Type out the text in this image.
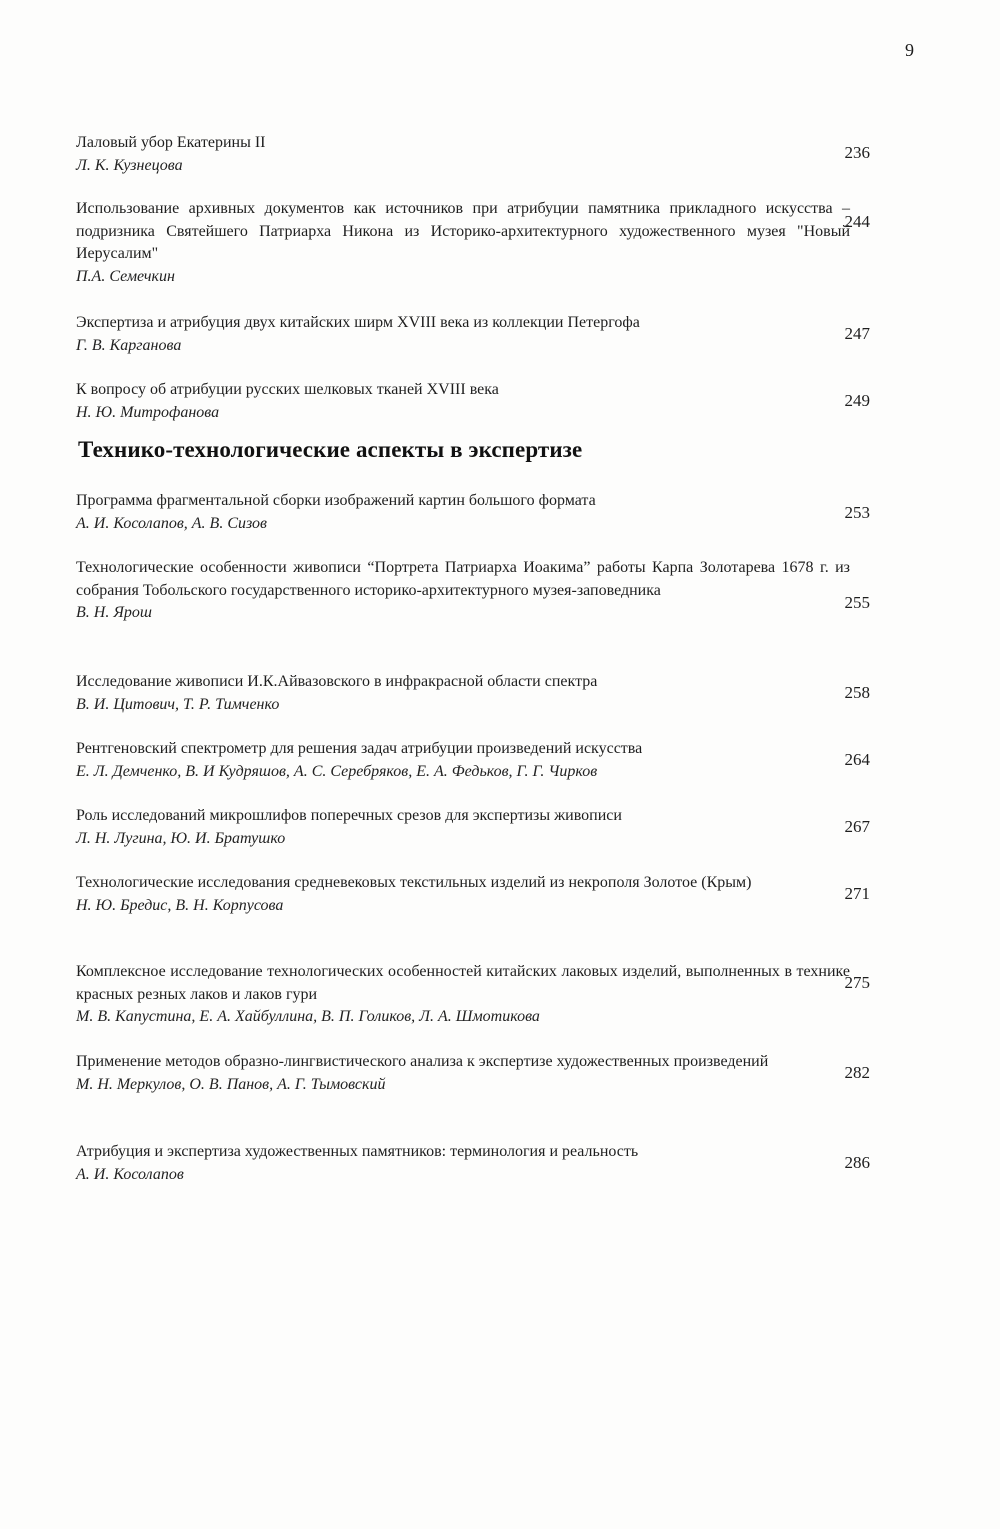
9
Лаловый убор Екатерины II
Л. К. Кузнецова
236
Использование архивных документов как источников при атрибуции памятника прикладного искусства – подризника Святейшего Патриарха Никона из Историко-архитектурного художественного музея "Новый Иерусалим"
П.А. Семечкин
244
Экспертиза и атрибуция двух китайских ширм XVIII века из коллекции Петергофа
Г. В. Карганова
247
К вопросу об атрибуции русских шелковых тканей XVIII века
Н. Ю. Митрофанова
249
Технико-технологические аспекты в экспертизе
Программа фрагментальной сборки изображений картин большого формата
А. И. Косолапов, А. В. Сизов
253
Технологические особенности живописи “Портрета Патриарха Иоакима” работы Карпа Золотарева 1678 г. из собрания Тобольского государственного историко-архитектурного музея-заповедника
В. Н. Ярош
255
Исследование живописи И.К.Айвазовского в инфракрасной области спектра
В. И. Цитович, Т. Р. Тимченко
258
Рентгеновский спектрометр для решения задач атрибуции произведений искусства
Е. Л. Демченко, В. И Кудряшов, А. С. Серебряков, Е. А. Федьков, Г. Г. Чирков
264
Роль исследований микрошлифов поперечных срезов для экспертизы живописи
Л. Н. Лугина, Ю. И. Братушко
267
Технологические исследования средневековых текстильных изделий из некрополя Золотое (Крым)
Н. Ю. Бредис, В. Н. Корпусова
271
Комплексное исследование технологических особенностей китайских лаковых изделий, выполненных в технике красных резных лаков и лаков гури
М. В. Капустина, Е. А. Хайбуллина, В. П. Голиков, Л. А. Шмотикова
275
Применение методов образно-лингвистического анализа к экспертизе художественных произведений
М. Н. Меркулов, О. В. Панов, А. Г. Тымовский
282
Атрибуция и экспертиза художественных памятников: терминология и реальность
А. И. Косолапов
286
